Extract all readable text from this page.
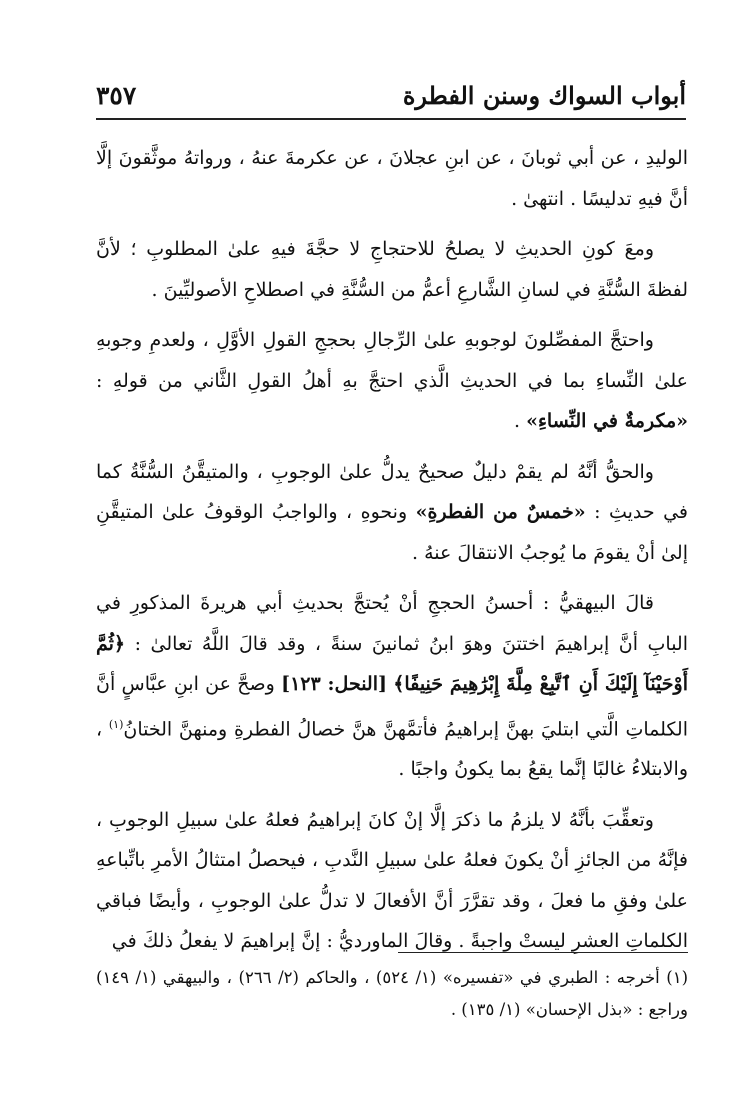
أبواب السواك وسنن الفطرة
٣٥٧

الوليدِ ، عن أبي ثوبانَ ، عن ابنِ عجلانَ ، عن عكرمةَ عنهُ ، ورواتهُ موثَّقونَ إلَّا أنَّ فيهِ تدليسًا . انتهىٰ .

ومعَ كونِ الحديثِ لا يصلحُ للاحتجاجِ لا حجَّةَ فيهِ علىٰ المطلوبِ ؛ لأنَّ لفظةَ السُّنَّةِ في لسانِ الشَّارعِ أعمُّ من السُّنَّةِ في اصطلاحِ الأصوليِّينَ .

واحتجَّ المفصِّلونَ لوجوبهِ علىٰ الرِّجالِ بحججِ القولِ الأوَّلِ ، ولعدمِ وجوبهِ علىٰ النِّساءِ بما في الحديثِ الَّذي احتجَّ بهِ أهلُ القولِ الثَّاني من قولهِ : «مكرمةٌ في النِّساءِ» .

والحقُّ أنَّهُ لم يقمْ دليلٌ صحيحٌ يدلُّ علىٰ الوجوبِ ، والمتيقَّنُ السُّنَّةُ كما في حديثِ : «خمسٌ من الفطرةِ» ونحوهِ ، والواجبُ الوقوفُ علىٰ المتيقَّنِ إلىٰ أنْ يقومَ ما يُوجبُ الانتقالَ عنهُ .

قالَ البيهقيُّ : أحسنُ الحججِ أنْ يُحتجَّ بحديثِ أبي هريرةَ المذكورِ في البابِ أنَّ إبراهيمَ اختتنَ وهوَ ابنُ ثمانينَ سنةً ، وقد قالَ اللَّهُ تعالىٰ : ﴿ثُمَّ أَوْحَيْنَآ إِلَيْكَ أَنِ ٱتَّبِعْ مِلَّةَ إِبْرَٰهِيمَ حَنِيفًا﴾ [النحل: ١٢٣] وصحَّ عن ابنِ عبَّاسٍ أنَّ الكلماتِ الَّتي ابتليَ بهنَّ إبراهيمُ فأتمَّهنَّ هنَّ خصالُ الفطرةِ ومنهنَّ الختانُ$^{(١)}$ ، والابتلاءُ غالبًا إنَّما يقعُ بما يكونُ واجبًا .

وتعقِّبَ بأنَّهُ لا يلزمُ ما ذكرَ إلَّا إنْ كانَ إبراهيمُ فعلهُ علىٰ سبيلِ الوجوبِ ، فإنَّهُ من الجائزِ أنْ يكونَ فعلهُ علىٰ سبيلِ النَّدبِ ، فيحصلُ امتثالُ الأمرِ باتِّباعهِ علىٰ وفقِ ما فعلَ ، وقد تقرَّرَ أنَّ الأفعالَ لا تدلُّ علىٰ الوجوبِ ، وأيضًا فباقي الكلماتِ العشرِ ليستْ واجبةً . وقالَ الماورديُّ : إنَّ إبراهيمَ لا يفعلُ ذلكَ في

(١) أخرجه : الطبري في «تفسيره» (١/ ٥٢٤) ، والحاكم (٢/ ٢٦٦) ، والبيهقي (١/ ١٤٩) وراجع : «بذل الإحسان» (١/ ١٣٥) .
